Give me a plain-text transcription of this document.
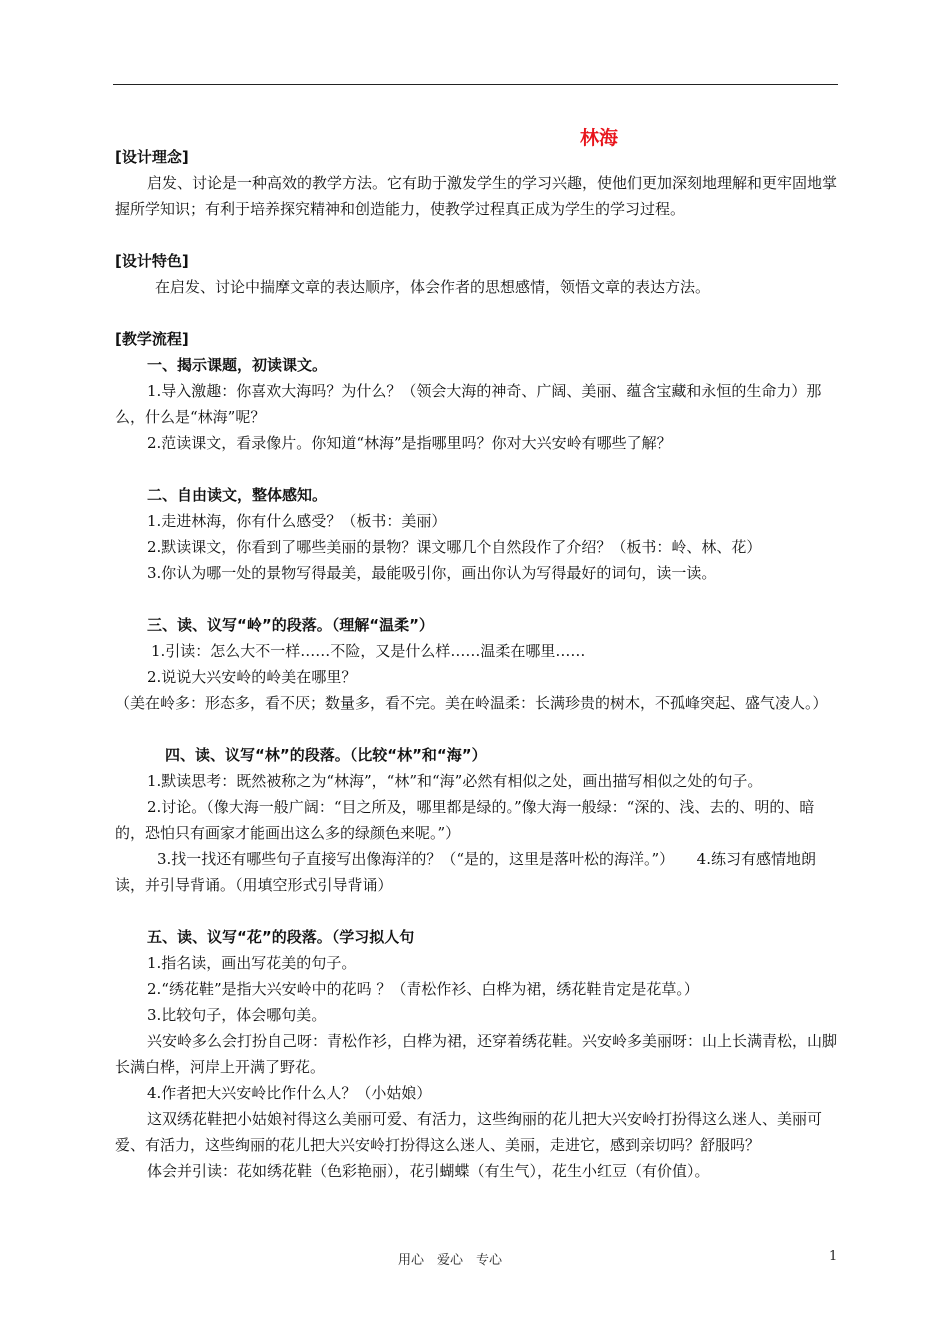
林海

[设计理念]

启发、讨论是一种高效的教学方法。它有助于激发学生的学习兴趣，使他们更加深刻地理解和更牢固地掌握所学知识；有利于培养探究精神和创造能力，使教学过程真正成为学生的学习过程。

[设计特色]

在启发、讨论中揣摩文章的表达顺序，体会作者的思想感情，领悟文章的表达方法。

[教学流程]

一、揭示课题，初读课文。

1.导入激趣：你喜欢大海吗？为什么？（领会大海的神奇、广阔、美丽、蕴含宝藏和永恒的生命力）那么，什么是“林海”呢？

2.范读课文，看录像片。你知道“林海”是指哪里吗？你对大兴安岭有哪些了解？

二、自由读文，整体感知。

1.走进林海，你有什么感受？（板书：美丽）

2.默读课文，你看到了哪些美丽的景物？课文哪几个自然段作了介绍？（板书：岭、林、花）

3.你认为哪一处的景物写得最美，最能吸引你，画出你认为写得最好的词句，读一读。

三、读、议写“岭”的段落。（理解“温柔”）

1.引读：怎么大不一样……不险，又是什么样……温柔在哪里……

2.说说大兴安岭的岭美在哪里？

（美在岭多：形态多，看不厌；数量多，看不完。美在岭温柔：长满珍贵的树木，不孤峰突起、盛气凌人。）

四、读、议写“林”的段落。（比较“林”和“海”）

1.默读思考：既然被称之为“林海”，“林”和“海”必然有相似之处，画出描写相似之处的句子。

2.讨论。（像大海一般广阔：“目之所及，哪里都是绿的。”像大海一般绿：“深的、浅、去的、明的、暗的，恐怕只有画家才能画出这么多的绿颜色来呢。”）

3.找一找还有哪些句子直接写出像海洋的？（“是的，这里是落叶松的海洋。”）　　4.练习有感情地朗读，并引导背诵。（用填空形式引导背诵）

五、读、议写“花”的段落。（学习拟人句

1.指名读，画出写花美的句子。

2.“绣花鞋”是指大兴安岭中的花吗 ？（青松作衫、白桦为裙，绣花鞋肯定是花草。）

3.比较句子，体会哪句美。

兴安岭多么会打扮自己呀：青松作衫，白桦为裙，还穿着绣花鞋。兴安岭多美丽呀：山上长满青松，山脚长满白桦，河岸上开满了野花。

4.作者把大兴安岭比作什么人？（小姑娘）

这双绣花鞋把小姑娘衬得这么美丽可爱、有活力，这些绚丽的花儿把大兴安岭打扮得这么迷人、美丽可爱、有活力，这些绚丽的花儿把大兴安岭打扮得这么迷人、美丽，走进它，感到亲切吗？舒服吗？

体会并引读：花如绣花鞋（色彩艳丽），花引蝴蝶（有生气），花生小红豆（有价值）。

用心　爱心　专心	1
